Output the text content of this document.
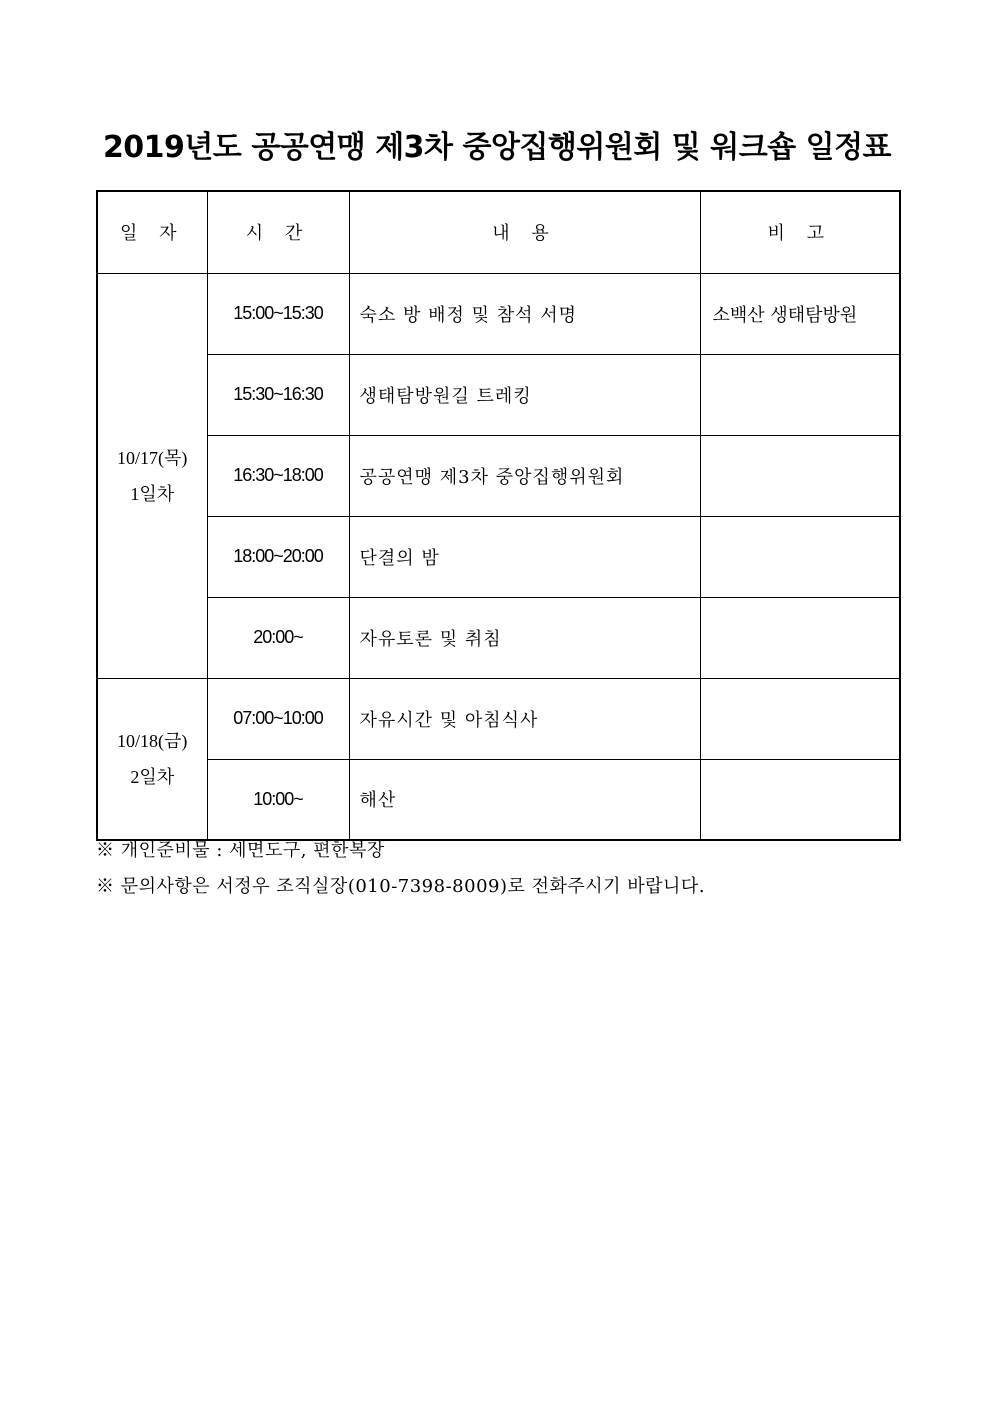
2019년도 공공연맹 제3차 중앙집행위원회 및 워크숍 일정표
일 자	시 간	내 용	비 고

10/17(목)
1일차	15:00~15:30	숙소 방 배정 및 참석 서명	소백산 생태탐방원
	15:30~16:30	생태탐방원길 트레킹	
	16:30~18:00	공공연맹 제3차 중앙집행위원회	
	18:00~20:00	단결의 밤	
	20:00~	자유토론 및 취침	

10/18(금)
2일차	07:00~10:00	자유시간 및 아침식사	
	10:00~	해산	
※ 개인준비물 : 세면도구, 편한복장
※ 문의사항은 서정우 조직실장(010-7398-8009)로 전화주시기 바랍니다.
